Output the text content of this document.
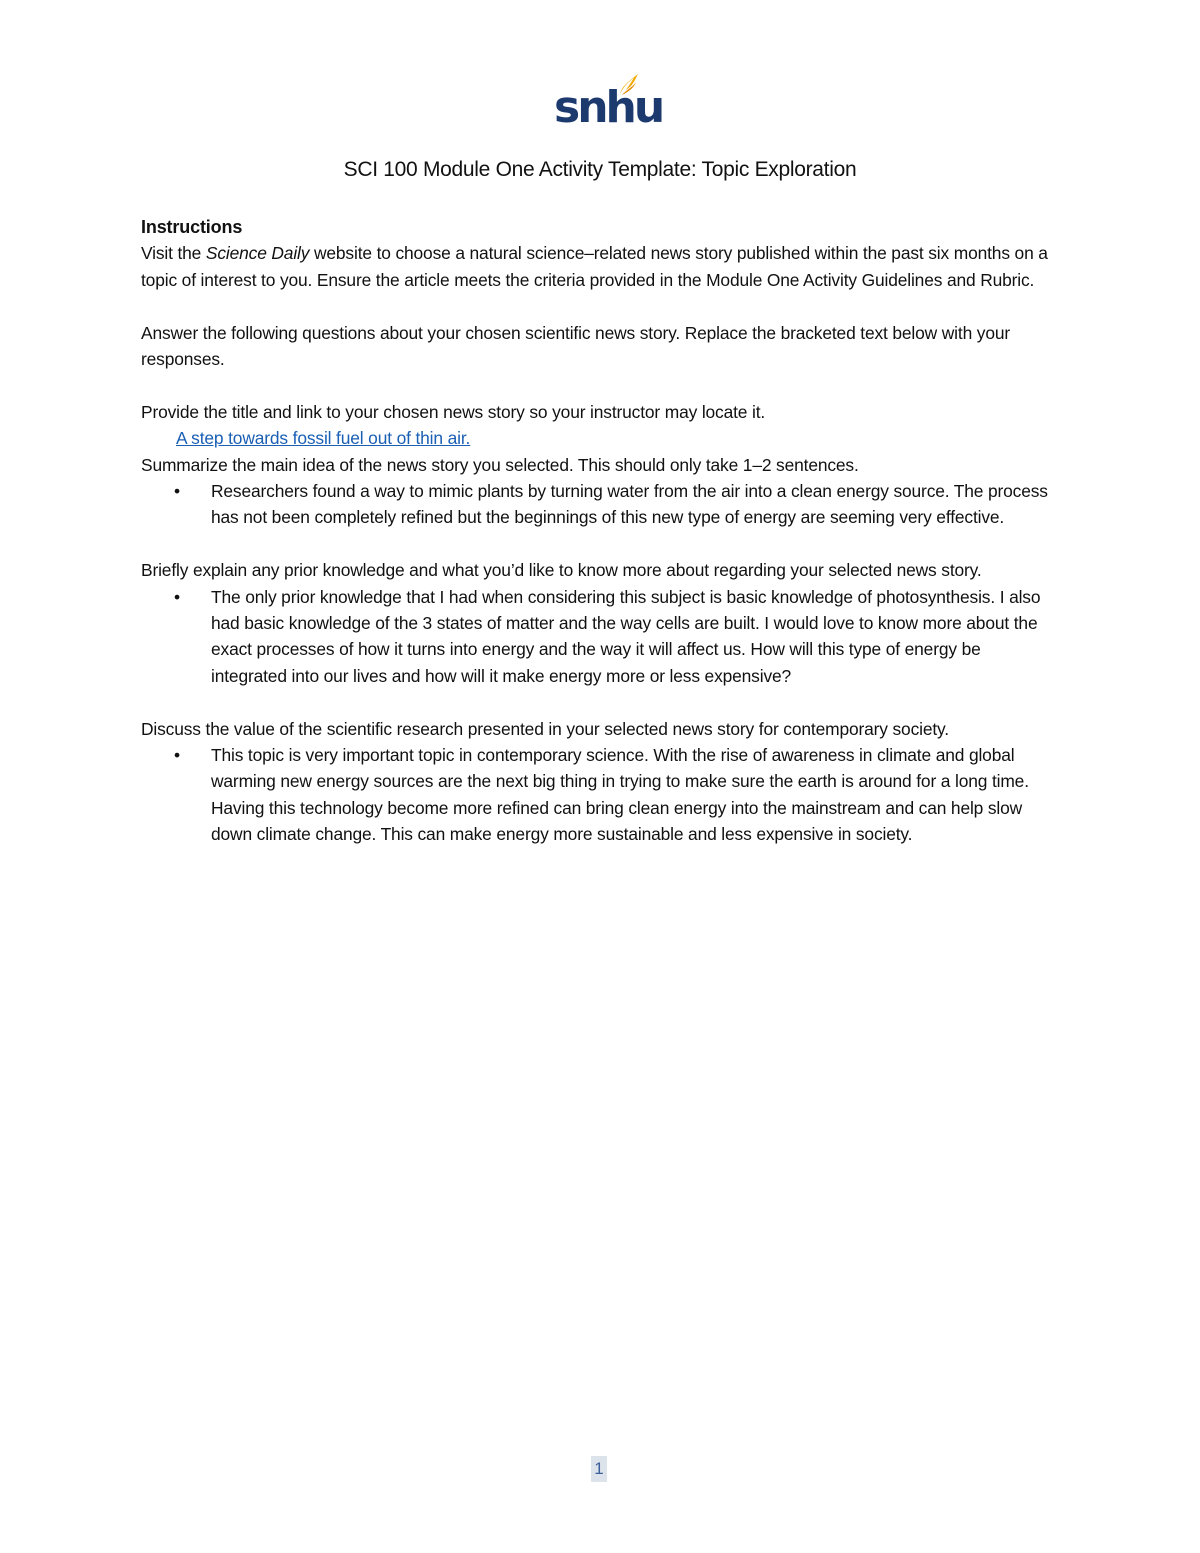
snhu
SCI 100 Module One Activity Template: Topic Exploration

Instructions

Visit the Science Daily website to choose a natural science–related news story published within the past six months on a topic of interest to you. Ensure the article meets the criteria provided in the Module One Activity Guidelines and Rubric.

Answer the following questions about your chosen scientific news story. Replace the bracketed text below with your responses.

Provide the title and link to your chosen news story so your instructor may locate it.

A step towards fossil fuel out of thin air.

Summarize the main idea of the news story you selected. This should only take 1–2 sentences.

• Researchers found a way to mimic plants by turning water from the air into a clean energy source. The process has not been completely refined but the beginnings of this new type of energy are seeming very effective.

Briefly explain any prior knowledge and what you’d like to know more about regarding your selected news story.

• The only prior knowledge that I had when considering this subject is basic knowledge of photosynthesis. I also had basic knowledge of the 3 states of matter and the way cells are built. I would love to know more about the exact processes of how it turns into energy and the way it will affect us. How will this type of energy be integrated into our lives and how will it make energy more or less expensive?

Discuss the value of the scientific research presented in your selected news story for contemporary society.

• This topic is very important topic in contemporary science. With the rise of awareness in climate and global warming new energy sources are the next big thing in trying to make sure the earth is around for a long time. Having this technology become more refined can bring clean energy into the mainstream and can help slow down climate change. This can make energy more sustainable and less expensive in society.
1
